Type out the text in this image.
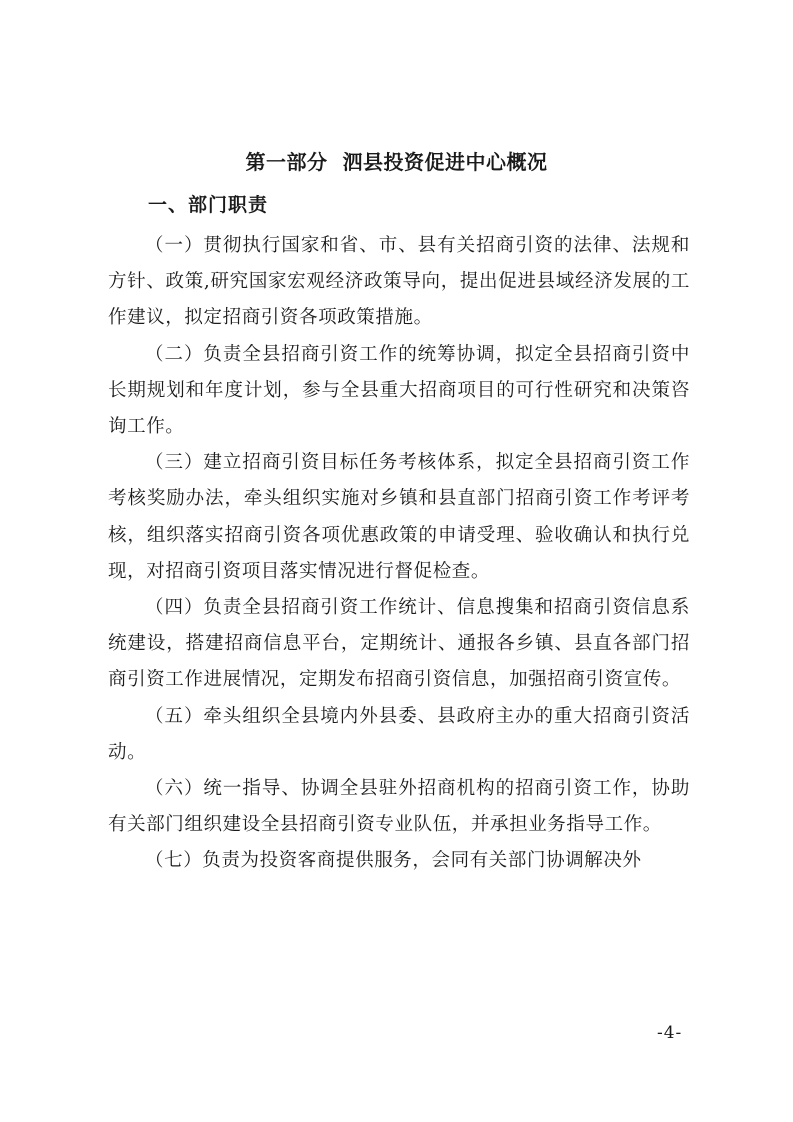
第一部分  泗县投资促进中心概况
一、部门职责

（一）贯彻执行国家和省、市、县有关招商引资的法律、法规和方针、政策,研究国家宏观经济政策导向，提出促进县域经济发展的工作建议，拟定招商引资各项政策措施。

（二）负责全县招商引资工作的统筹协调，拟定全县招商引资中长期规划和年度计划，参与全县重大招商项目的可行性研究和决策咨询工作。

（三）建立招商引资目标任务考核体系，拟定全县招商引资工作考核奖励办法，牵头组织实施对乡镇和县直部门招商引资工作考评考核，组织落实招商引资各项优惠政策的申请受理、验收确认和执行兑现，对招商引资项目落实情况进行督促检查。

（四）负责全县招商引资工作统计、信息搜集和招商引资信息系统建设，搭建招商信息平台，定期统计、通报各乡镇、县直各部门招商引资工作进展情况，定期发布招商引资信息，加强招商引资宣传。

（五）牵头组织全县境内外县委、县政府主办的重大招商引资活动。

（六）统一指导、协调全县驻外招商机构的招商引资工作，协助有关部门组织建设全县招商引资专业队伍，并承担业务指导工作。

（七）负责为投资客商提供服务，会同有关部门协调解决外

-4-
